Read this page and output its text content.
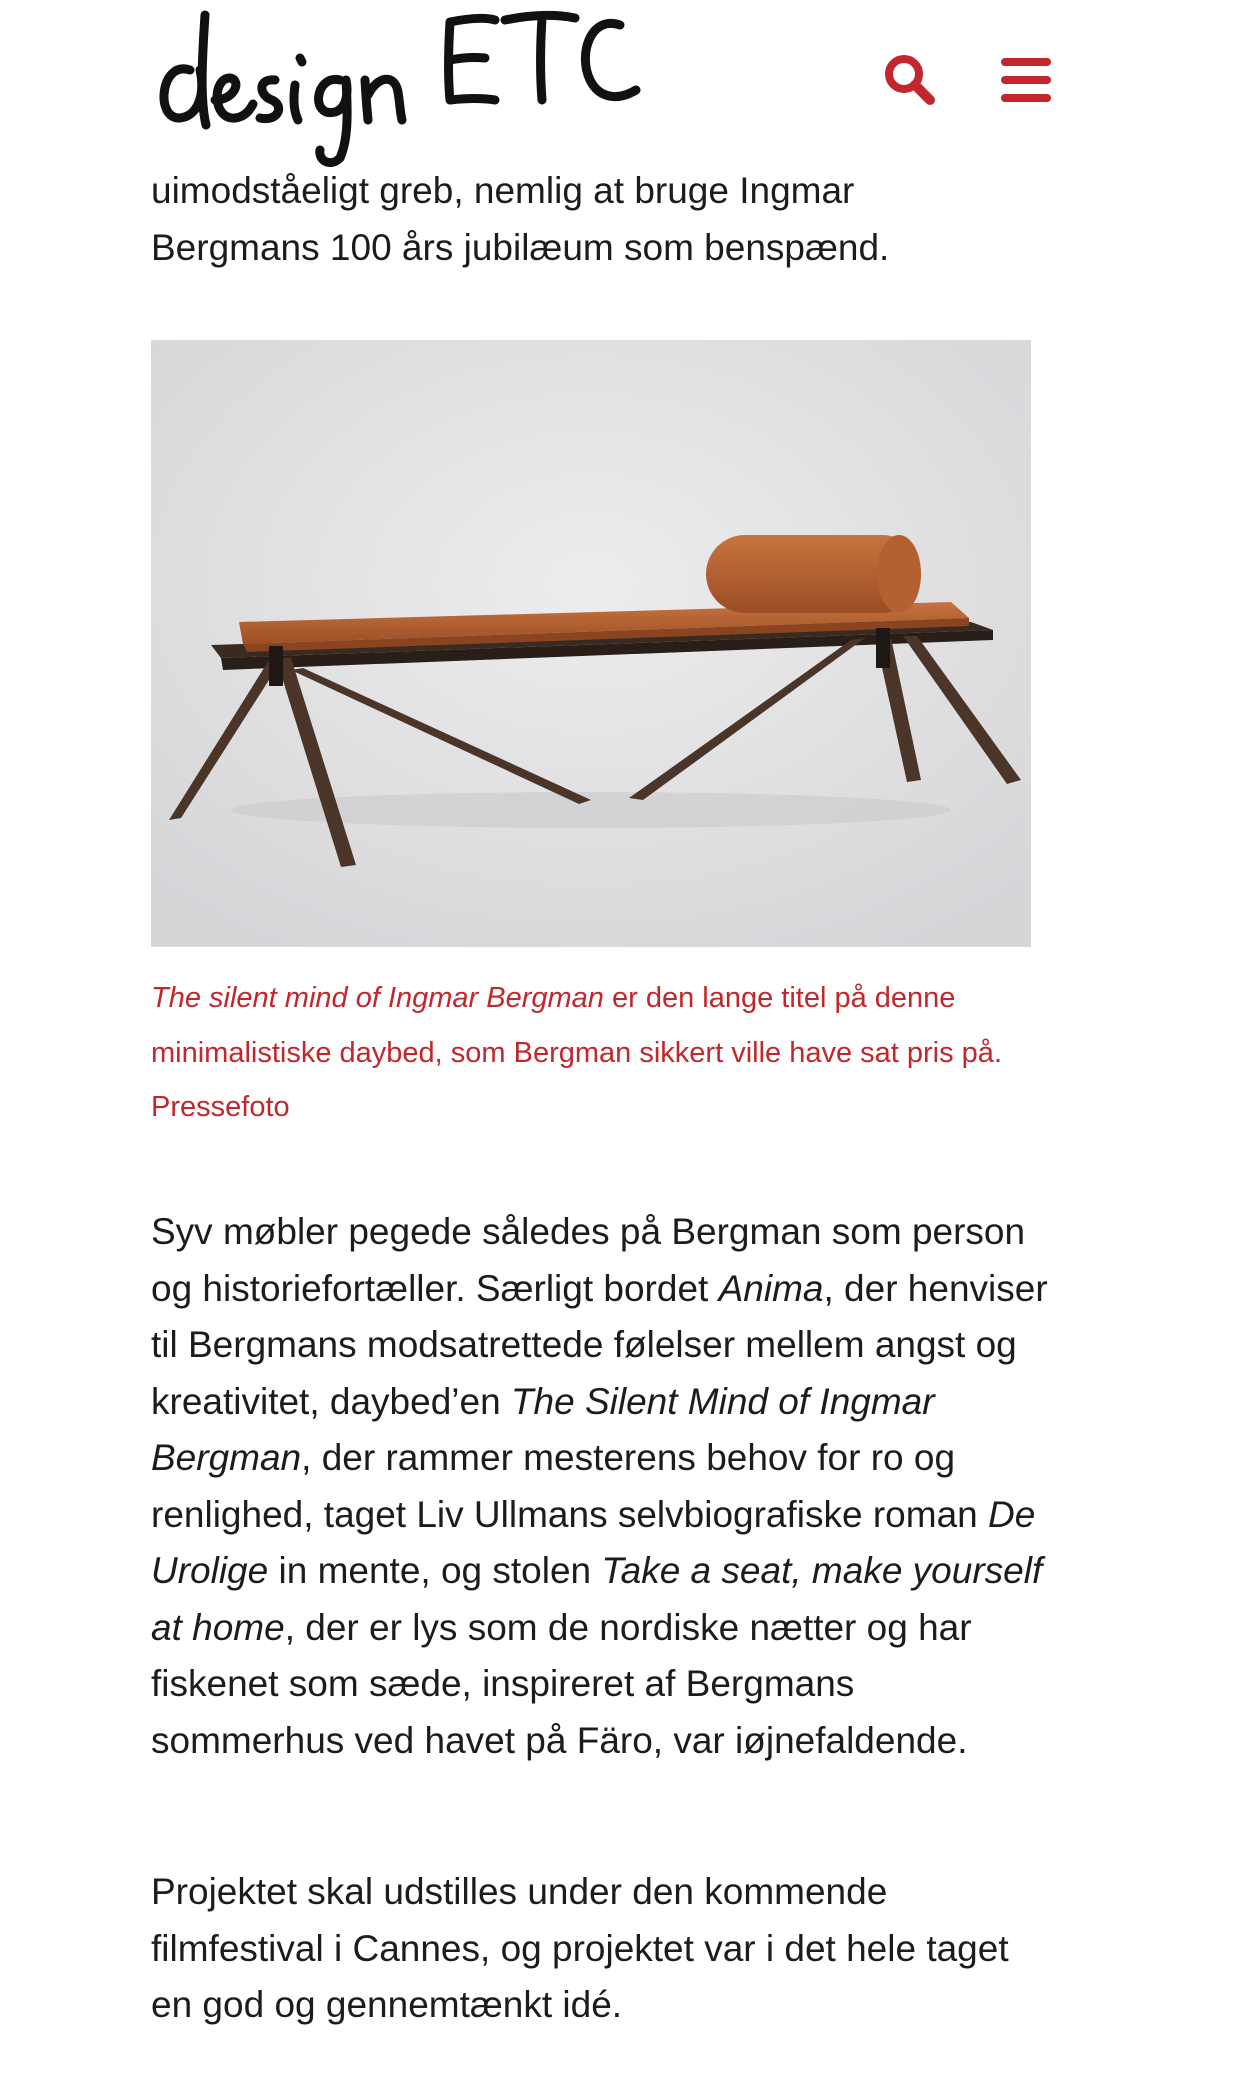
uimodståeligt greb, nemlig at bruge Ingmar

Bergmans 100 års jubilæum som benspænd.

The silent mind of Ingmar Bergman er den lange titel på denne minimalistiske daybed, som Bergman sikkert ville have sat pris på. Pressefoto

Syv møbler pegede således på Bergman som person og historiefortæller. Særligt bordet Anima, der henviser til Bergmans modsatrettede følelser mellem angst og kreativitet, daybed’en The Silent Mind of Ingmar Bergman, der rammer mesterens behov for ro og renlighed, taget Liv Ullmans selvbiografiske roman De Urolige in mente, og stolen Take a seat, make yourself at home, der er lys som de nordiske nætter og har fiskenet som sæde, inspireret af Bergmans sommerhus ved havet på Färo, var iøjnefaldende.

Projektet skal udstilles under den kommende filmfestival i Cannes, og projektet var i det hele taget en god og gennemtænkt idé.
